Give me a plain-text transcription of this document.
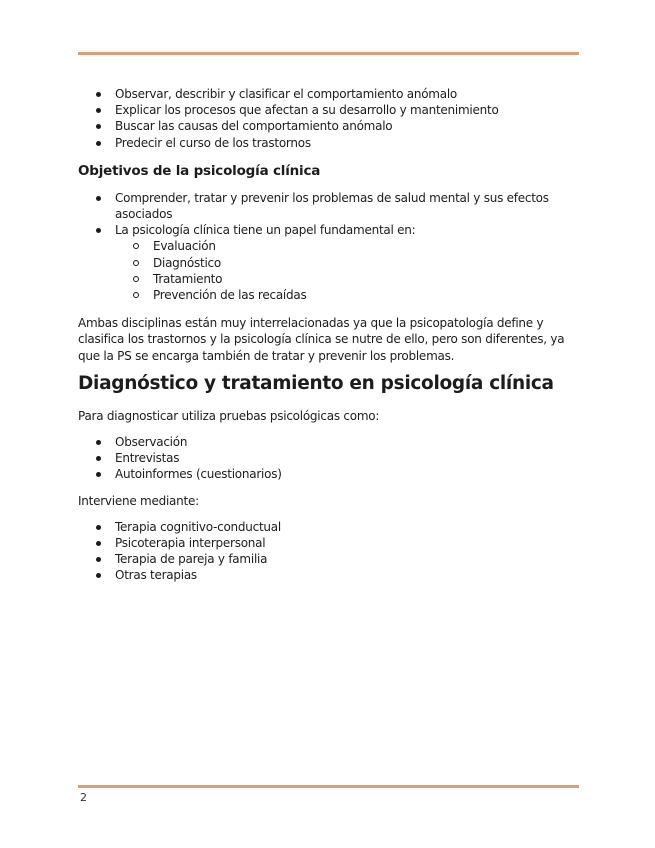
Observar, describir y clasificar el comportamiento anómalo
Explicar los procesos que afectan a su desarrollo y mantenimiento
Buscar las causas del comportamiento anómalo
Predecir el curso de los trastornos
Objetivos de la psicología clínica
Comprender, tratar y prevenir los problemas de salud mental y sus efectos asociados
La psicología clínica tiene un papel fundamental en:
Evaluación
Diagnóstico
Tratamiento
Prevención de las recaídas

Ambas disciplinas están muy interrelacionadas ya que la psicopatología define y clasifica los trastornos y la psicología clínica se nutre de ello, pero son diferentes, ya que la PS se encarga también de tratar y prevenir los problemas.

Diagnóstico y tratamiento en psicología clínica

Para diagnosticar utiliza pruebas psicológicas como:

Observación
Entrevistas
Autoinformes (cuestionarios)

Interviene mediante:

Terapia cognitivo-conductual
Psicoterapia interpersonal
Terapia de pareja y familia
Otras terapias
2
